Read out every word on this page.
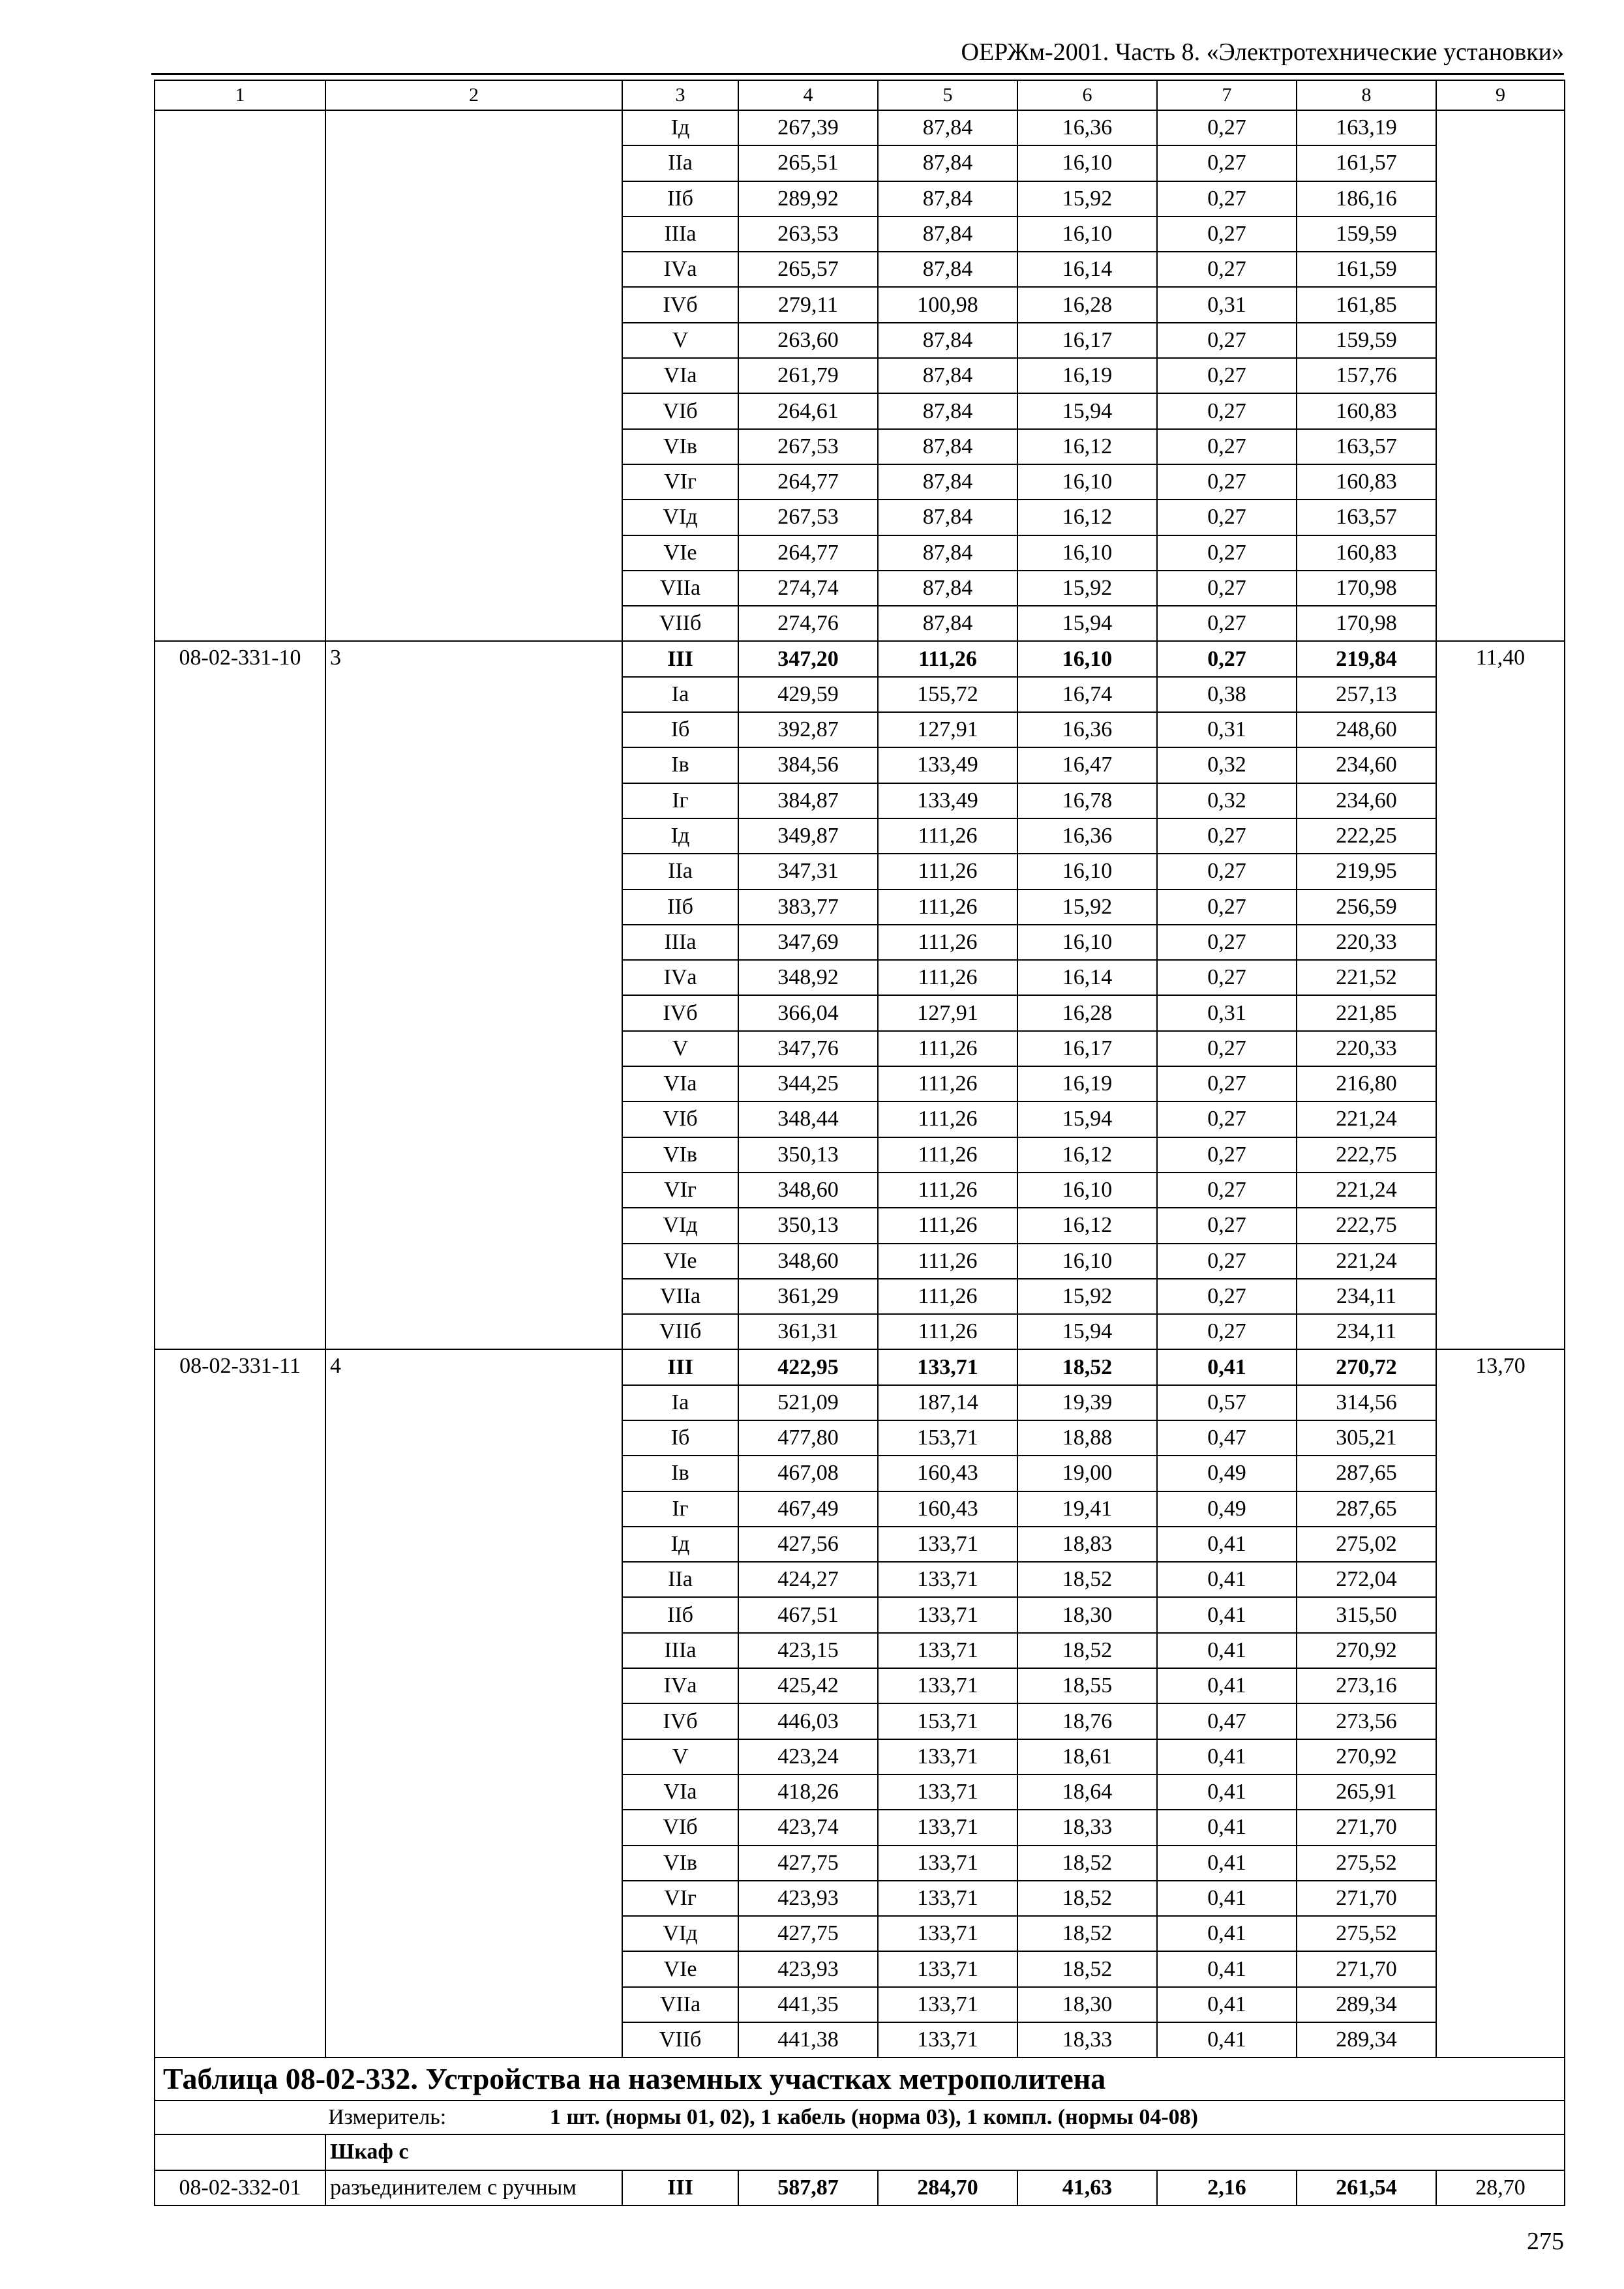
ОЕРЖм-2001. Часть 8. «Электротехнические установки»
1	2	3	4	5	6	7	8	9
		Iд	267,39	87,84	16,36	0,27	163,19	
		IIа	265,51	87,84	16,10	0,27	161,57	
		IIб	289,92	87,84	15,92	0,27	186,16	
		IIIа	263,53	87,84	16,10	0,27	159,59	
		IVа	265,57	87,84	16,14	0,27	161,59	
		IVб	279,11	100,98	16,28	0,31	161,85	
		V	263,60	87,84	16,17	0,27	159,59	
		VIа	261,79	87,84	16,19	0,27	157,76	
		VIб	264,61	87,84	15,94	0,27	160,83	
		VIв	267,53	87,84	16,12	0,27	163,57	
		VIг	264,77	87,84	16,10	0,27	160,83	
		VIд	267,53	87,84	16,12	0,27	163,57	
		VIе	264,77	87,84	16,10	0,27	160,83	
		VIIа	274,74	87,84	15,92	0,27	170,98	
		VIIб	274,76	87,84	15,94	0,27	170,98	
08-02-331-10	3	III	347,20	111,26	16,10	0,27	219,84	11,40
		Iа	429,59	155,72	16,74	0,38	257,13	
		Iб	392,87	127,91	16,36	0,31	248,60	
		Iв	384,56	133,49	16,47	0,32	234,60	
		Iг	384,87	133,49	16,78	0,32	234,60	
		Iд	349,87	111,26	16,36	0,27	222,25	
		IIа	347,31	111,26	16,10	0,27	219,95	
		IIб	383,77	111,26	15,92	0,27	256,59	
		IIIа	347,69	111,26	16,10	0,27	220,33	
		IVа	348,92	111,26	16,14	0,27	221,52	
		IVб	366,04	127,91	16,28	0,31	221,85	
		V	347,76	111,26	16,17	0,27	220,33	
		VIа	344,25	111,26	16,19	0,27	216,80	
		VIб	348,44	111,26	15,94	0,27	221,24	
		VIв	350,13	111,26	16,12	0,27	222,75	
		VIг	348,60	111,26	16,10	0,27	221,24	
		VIд	350,13	111,26	16,12	0,27	222,75	
		VIе	348,60	111,26	16,10	0,27	221,24	
		VIIа	361,29	111,26	15,92	0,27	234,11	
		VIIб	361,31	111,26	15,94	0,27	234,11	
08-02-331-11	4	III	422,95	133,71	18,52	0,41	270,72	13,70
		Iа	521,09	187,14	19,39	0,57	314,56	
		Iб	477,80	153,71	18,88	0,47	305,21	
		Iв	467,08	160,43	19,00	0,49	287,65	
		Iг	467,49	160,43	19,41	0,49	287,65	
		Iд	427,56	133,71	18,83	0,41	275,02	
		IIа	424,27	133,71	18,52	0,41	272,04	
		IIб	467,51	133,71	18,30	0,41	315,50	
		IIIа	423,15	133,71	18,52	0,41	270,92	
		IVа	425,42	133,71	18,55	0,41	273,16	
		IVб	446,03	153,71	18,76	0,47	273,56	
		V	423,24	133,71	18,61	0,41	270,92	
		VIа	418,26	133,71	18,64	0,41	265,91	
		VIб	423,74	133,71	18,33	0,41	271,70	
		VIв	427,75	133,71	18,52	0,41	275,52	
		VIг	423,93	133,71	18,52	0,41	271,70	
		VIд	427,75	133,71	18,52	0,41	275,52	
		VIе	423,93	133,71	18,52	0,41	271,70	
		VIIа	441,35	133,71	18,30	0,41	289,34	
		VIIб	441,38	133,71	18,33	0,41	289,34	
Таблица 08-02-332. Устройства на наземных участках метрополитена								
Измеритель: 1 шт. (нормы 01, 02), 1 кабель (норма 03), 1 компл. (нормы 04-08)								
	Шкаф с							
08-02-332-01	разъединителем с ручным	III	587,87	284,70	41,63	2,16	261,54	28,70
275
